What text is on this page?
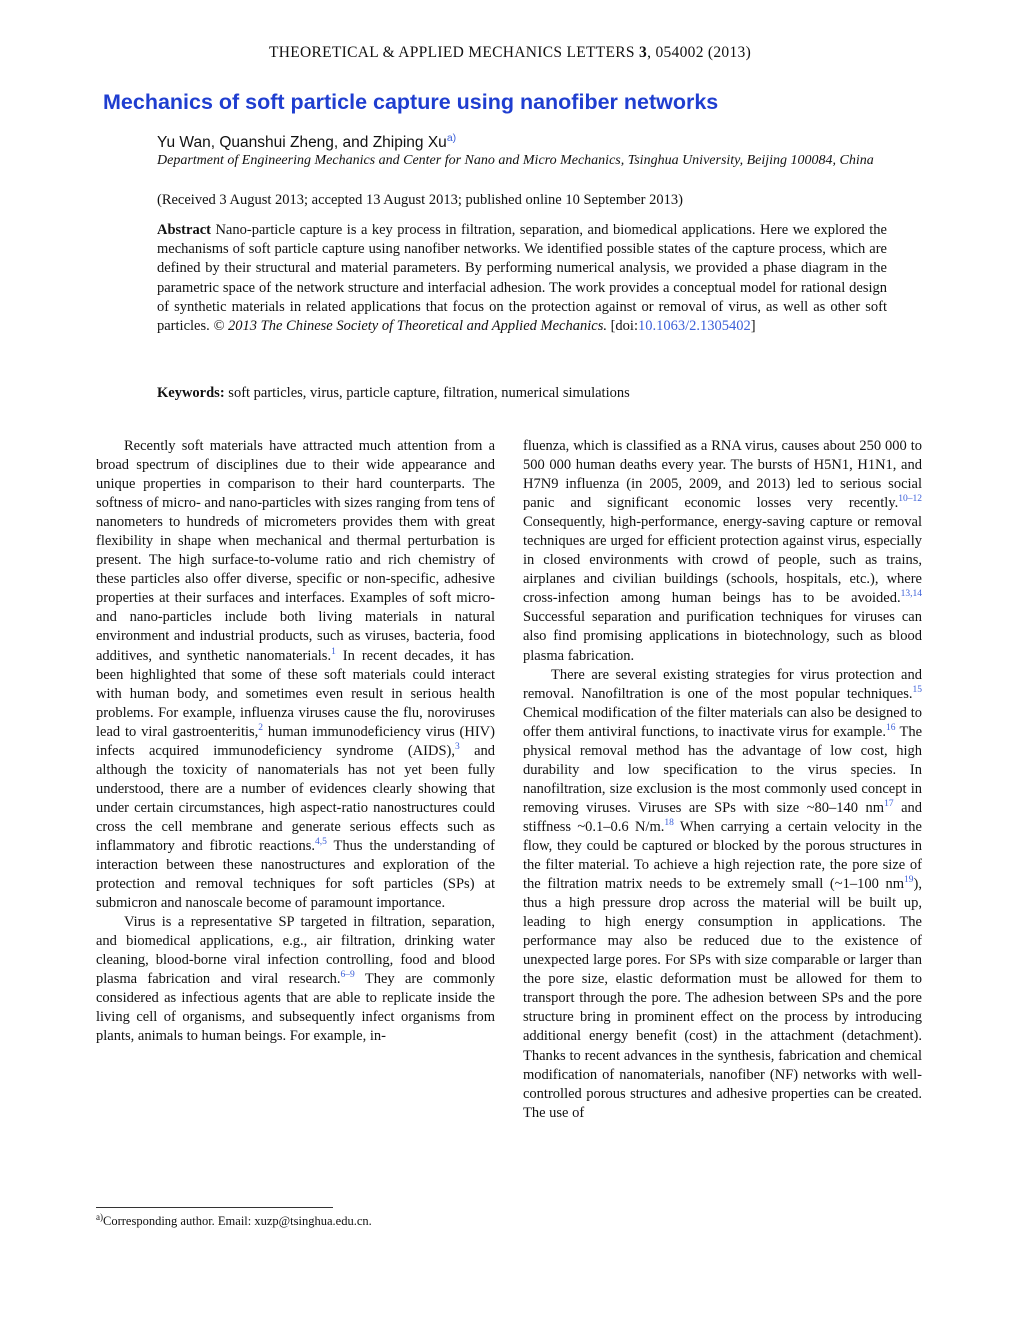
THEORETICAL & APPLIED MECHANICS LETTERS 3, 054002 (2013)
Mechanics of soft particle capture using nanofiber networks
Yu Wan, Quanshui Zheng, and Zhiping Xu$^{a)}$
Department of Engineering Mechanics and Center for Nano and Micro Mechanics, Tsinghua University, Beijing 100084, China
(Received 3 August 2013; accepted 13 August 2013; published online 10 September 2013)
Abstract Nano-particle capture is a key process in filtration, separation, and biomedical applications. Here we explored the mechanisms of soft particle capture using nanofiber networks. We identified possible states of the capture process, which are defined by their structural and material parameters. By performing numerical analysis, we provided a phase diagram in the parametric space of the network structure and interfacial adhesion. The work provides a conceptual model for rational design of synthetic materials in related applications that focus on the protection against or removal of virus, as well as other soft particles. © 2013 The Chinese Society of Theoretical and Applied Mechanics. [doi:10.1063/2.1305402]
Keywords: soft particles, virus, particle capture, filtration, numerical simulations

Recently soft materials have attracted much attention from a broad spectrum of disciplines due to their wide appearance and unique properties in comparison to their hard counterparts. The softness of micro- and nano-particles with sizes ranging from tens of nanometers to hundreds of micrometers provides them with great flexibility in shape when mechanical and thermal perturbation is present. The high surface-to-volume ratio and rich chemistry of these particles also offer diverse, specific or non-specific, adhesive properties at their surfaces and interfaces. Examples of soft micro- and nano-particles include both living materials in natural environment and industrial products, such as viruses, bacteria, food additives, and synthetic nanomaterials.$^1$ In recent decades, it has been highlighted that some of these soft materials could interact with human body, and sometimes even result in serious health problems. For example, influenza viruses cause the flu, noroviruses lead to viral gastroenteritis,$^2$ human immunodeficiency virus (HIV) infects acquired immunodeficiency syndrome (AIDS),$^3$ and although the toxicity of nanomaterials has not yet been fully understood, there are a number of evidences clearly showing that under certain circumstances, high aspect-ratio nanostructures could cross the cell membrane and generate serious effects such as inflammatory and fibrotic reactions.$^{4,5}$ Thus the understanding of interaction between these nanostructures and exploration of the protection and removal techniques for soft particles (SPs) at submicron and nanoscale become of paramount importance.

Virus is a representative SP targeted in filtration, separation, and biomedical applications, e.g., air filtration, drinking water cleaning, blood-borne viral infection controlling, food and blood plasma fabrication and viral research.$^{6-9}$ They are commonly considered as infectious agents that are able to replicate inside the living cell of organisms, and subsequently infect organisms from plants, animals to human beings. For example, in-

fluenza, which is classified as a RNA virus, causes about 250 000 to 500 000 human deaths every year. The bursts of H5N1, H1N1, and H7N9 influenza (in 2005, 2009, and 2013) led to serious social panic and significant economic losses very recently.$^{10-12}$ Consequently, high-performance, energy-saving capture or removal techniques are urged for efficient protection against virus, especially in closed environments with crowd of people, such as trains, airplanes and civilian buildings (schools, hospitals, etc.), where cross-infection among human beings has to be avoided.$^{13,14}$ Successful separation and purification techniques for viruses can also find promising applications in biotechnology, such as blood plasma fabrication.

There are several existing strategies for virus protection and removal. Nanofiltration is one of the most popular techniques.$^{15}$ Chemical modification of the filter materials can also be designed to offer them antiviral functions, to inactivate virus for example.$^{16}$ The physical removal method has the advantage of low cost, high durability and low specification to the virus species. In nanofiltration, size exclusion is the most commonly used concept in removing viruses. Viruses are SPs with size ~80–140 $nm^{17}$ and stiffness ~0.1–0.6 N/m.$^{18}$ When carrying a certain velocity in the flow, they could be captured or blocked by the porous structures in the filter material. To achieve a high rejection rate, the pore size of the filtration matrix needs to be extremely small (~1–100 $nm^{19}$), thus a high pressure drop across the material will be built up, leading to high energy consumption in applications. The performance may also be reduced due to the existence of unexpected large pores. For SPs with size comparable or larger than the pore size, elastic deformation must be allowed for them to transport through the pore. The adhesion between SPs and the pore structure bring in prominent effect on the process by introducing additional energy benefit (cost) in the attachment (detachment). Thanks to recent advances in the synthesis, fabrication and chemical modification of nanomaterials, nanofiber (NF) networks with well-controlled porous structures and adhesive properties can be created. The use of

$^{a)}$Corresponding author. Email: xuzp@tsinghua.edu.cn.
